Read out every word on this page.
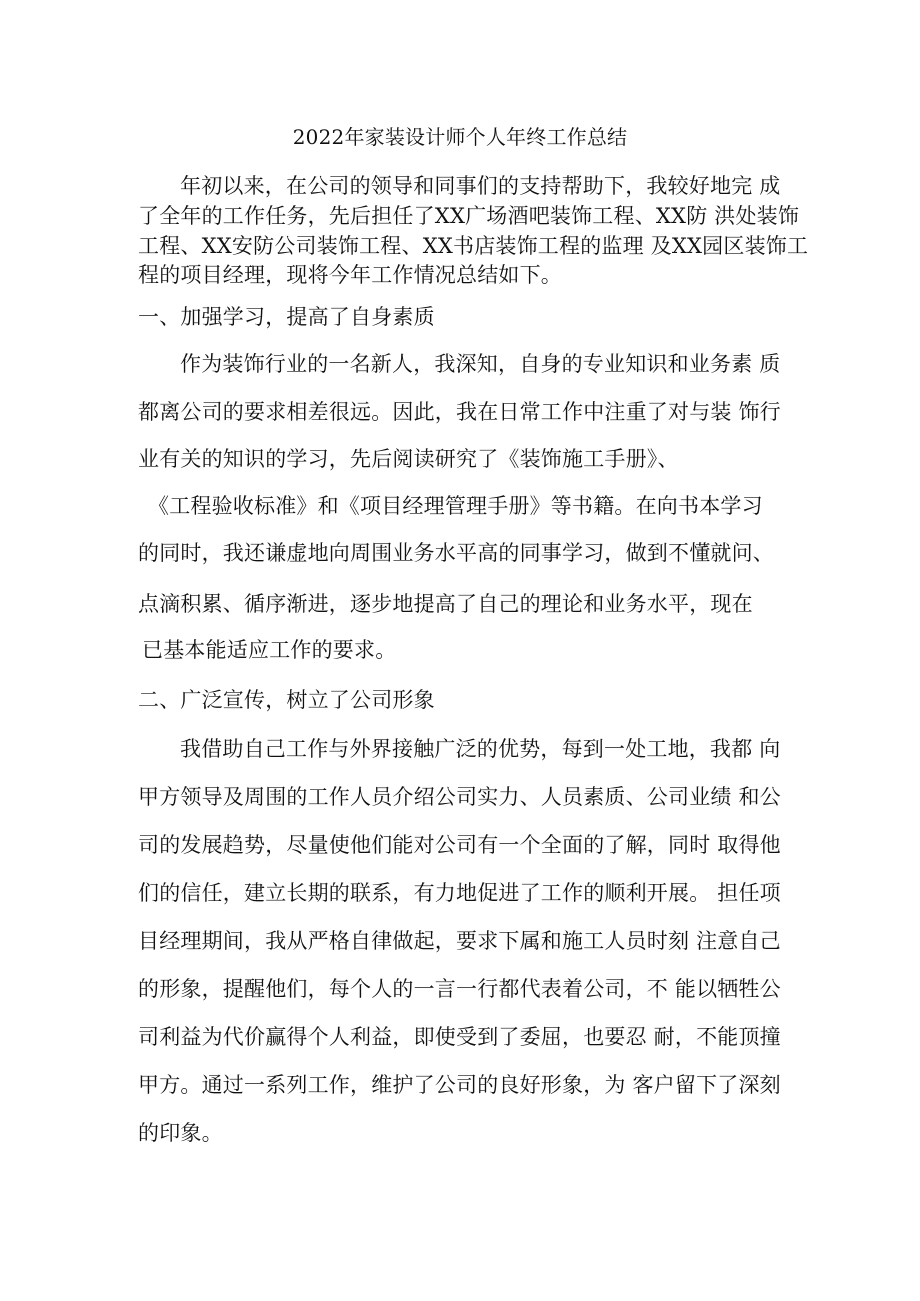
2022年家装设计师个人年终工作总结
年初以来，在公司的领导和同事们的支持帮助下，我较好地完 成
了全年的工作任务，先后担任了XX广场酒吧装饰工程、XX防 洪处装饰
工程、XX安防公司装饰工程、XX书店装饰工程的监理 及XX园区装饰工
程的项目经理，现将今年工作情况总结如下。
一、加强学习，提高了自身素质
作为装饰行业的一名新人，我深知，自身的专业知识和业务素 质
都离公司的要求相差很远。因此，我在日常工作中注重了对与装 饰行
业有关的知识的学习，先后阅读研究了《装饰施工手册》、
《工程验收标准》和《项目经理管理手册》等书籍。在向书本学习
的同时，我还谦虚地向周围业务水平高的同事学习，做到不懂就问、
点滴积累、循序渐进，逐步地提高了自己的理论和业务水平，现在
已基本能适应工作的要求。
二、广泛宣传，树立了公司形象
我借助自己工作与外界接触广泛的优势，每到一处工地，我都 向
甲方领导及周围的工作人员介绍公司实力、人员素质、公司业绩 和公
司的发展趋势，尽量使他们能对公司有一个全面的了解，同时 取得他
们的信任，建立长期的联系，有力地促进了工作的顺利开展。 担任项
目经理期间，我从严格自律做起，要求下属和施工人员时刻 注意自己
的形象，提醒他们，每个人的一言一行都代表着公司，不 能以牺牲公
司利益为代价赢得个人利益，即使受到了委屈，也要忍 耐，不能顶撞
甲方。通过一系列工作，维护了公司的良好形象，为 客户留下了深刻
的印象。
